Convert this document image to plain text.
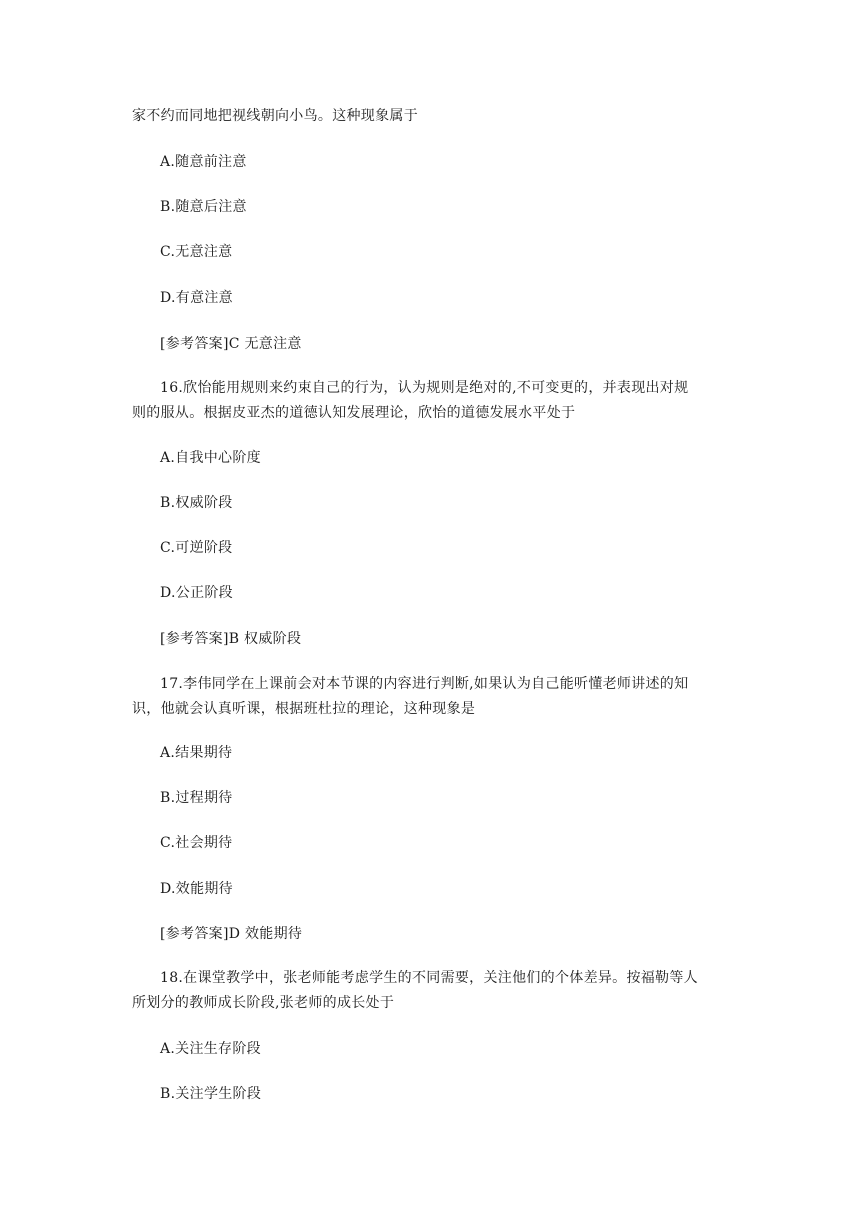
家不约而同地把视线朝向小鸟。这种现象属于
A.随意前注意
B.随意后注意
C.无意注意
D.有意注意
[参考答案]C 无意注意
16.欣怡能用规则来约束自己的行为，认为规则是绝对的,不可变更的，并表现出对规
则的服从。根据皮亚杰的道德认知发展理论，欣怡的道德发展水平处于
A.自我中心阶度
B.权威阶段
C.可逆阶段
D.公正阶段
[参考答案]B 权威阶段
17.李伟同学在上课前会对本节课的内容进行判断,如果认为自己能听懂老师讲述的知
识，他就会认真听课，根据班杜拉的理论，这种现象是
A.结果期待
B.过程期待
C.社会期待
D.效能期待
[参考答案]D 效能期待
18.在课堂教学中，张老师能考虑学生的不同需要，关注他们的个体差异。按福勒等人
所划分的教师成长阶段,张老师的成长处于
A.关注生存阶段
B.关注学生阶段
